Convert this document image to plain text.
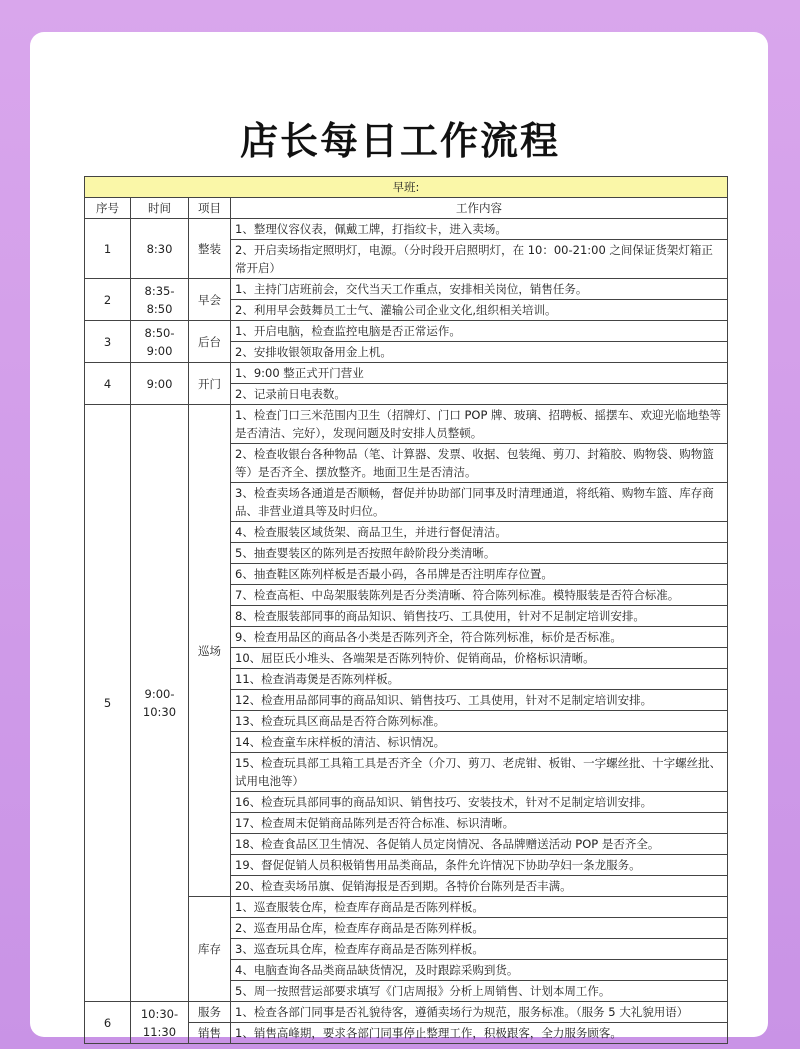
店长每日工作流程
早班:			
序号	时间	项目	工作内容
1	8:30	整装	1、整理仪容仪表，佩戴工牌，打指纹卡，进入卖场。
			2、开启卖场指定照明灯，电源。（分时段开启照明灯，在 10：00-21:00 之间保证货架灯箱正常开启）
2	8:35-8:50	早会	1、主持门店班前会，交代当天工作重点，安排相关岗位，销售任务。
			2、利用早会鼓舞员工士气、灌输公司企业文化,组织相关培训。
3	8:50-9:00	后台	1、开启电脑，检查监控电脑是否正常运作。
			2、安排收银领取备用金上机。
4	9:00	开门	1、9:00 整正式开门营业
			2、记录前日电表数。
5	9:00-10:30	巡场	1、检查门口三米范围内卫生（招牌灯、门口 POP 牌、玻璃、招聘板、摇摆车、欢迎光临地垫等是否清洁、完好），发现问题及时安排人员整顿。
			2、检查收银台各种物品（笔、计算器、发票、收据、包装绳、剪刀、封箱胶、购物袋、购物篮等）是否齐全、摆放整齐。地面卫生是否清洁。
			3、检查卖场各通道是否顺畅，督促并协助部门同事及时清理通道，将纸箱、购物车篮、库存商品、非营业道具等及时归位。
			4、检查服装区域货架、商品卫生，并进行督促清洁。
			5、抽查婴装区的陈列是否按照年龄阶段分类清晰。
			6、抽查鞋区陈列样板是否最小码，各吊牌是否注明库存位置。
			7、检查高柜、中岛架服装陈列是否分类清晰、符合陈列标准。模特服装是否符合标准。
			8、检查服装部同事的商品知识、销售技巧、工具使用，针对不足制定培训安排。
			9、检查用品区的商品各小类是否陈列齐全，符合陈列标准，标价是否标准。
			10、屈臣氏小堆头、各端架是否陈列特价、促销商品，价格标识清晰。
			11、检查消毒煲是否陈列样板。
			12、检查用品部同事的商品知识、销售技巧、工具使用，针对不足制定培训安排。
			13、检查玩具区商品是否符合陈列标准。
			14、检查童车床样板的清洁、标识情况。
			15、检查玩具部工具箱工具是否齐全（介刀、剪刀、老虎钳、板钳、一字螺丝批、十字螺丝批、试用电池等）
			16、检查玩具部同事的商品知识、销售技巧、安装技术，针对不足制定培训安排。
			17、检查周末促销商品陈列是否符合标准、标识清晰。
			18、检查食品区卫生情况、各促销人员定岗情况、各品牌赠送活动 POP 是否齐全。
			19、督促促销人员积极销售用品类商品，条件允许情况下协助孕妇一条龙服务。
			20、检查卖场吊旗、促销海报是否到期。各特价台陈列是否丰满。
		库存	1、巡查服装仓库，检查库存商品是否陈列样板。
			2、巡查用品仓库，检查库存商品是否陈列样板。
			3、巡查玩具仓库，检查库存商品是否陈列样板。
			4、电脑查询各品类商品缺货情况，及时跟踪采购到货。
			5、周一按照营运部要求填写《门店周报》分析上周销售、计划本周工作。
6	10:30-11:30	服务	1、检查各部门同事是否礼貌待客，遵循卖场行为规范，服务标准。（服务 5 大礼貌用语）
		销售	1、销售高峰期，要求各部门同事停止整理工作，积极跟客，全力服务顾客。
